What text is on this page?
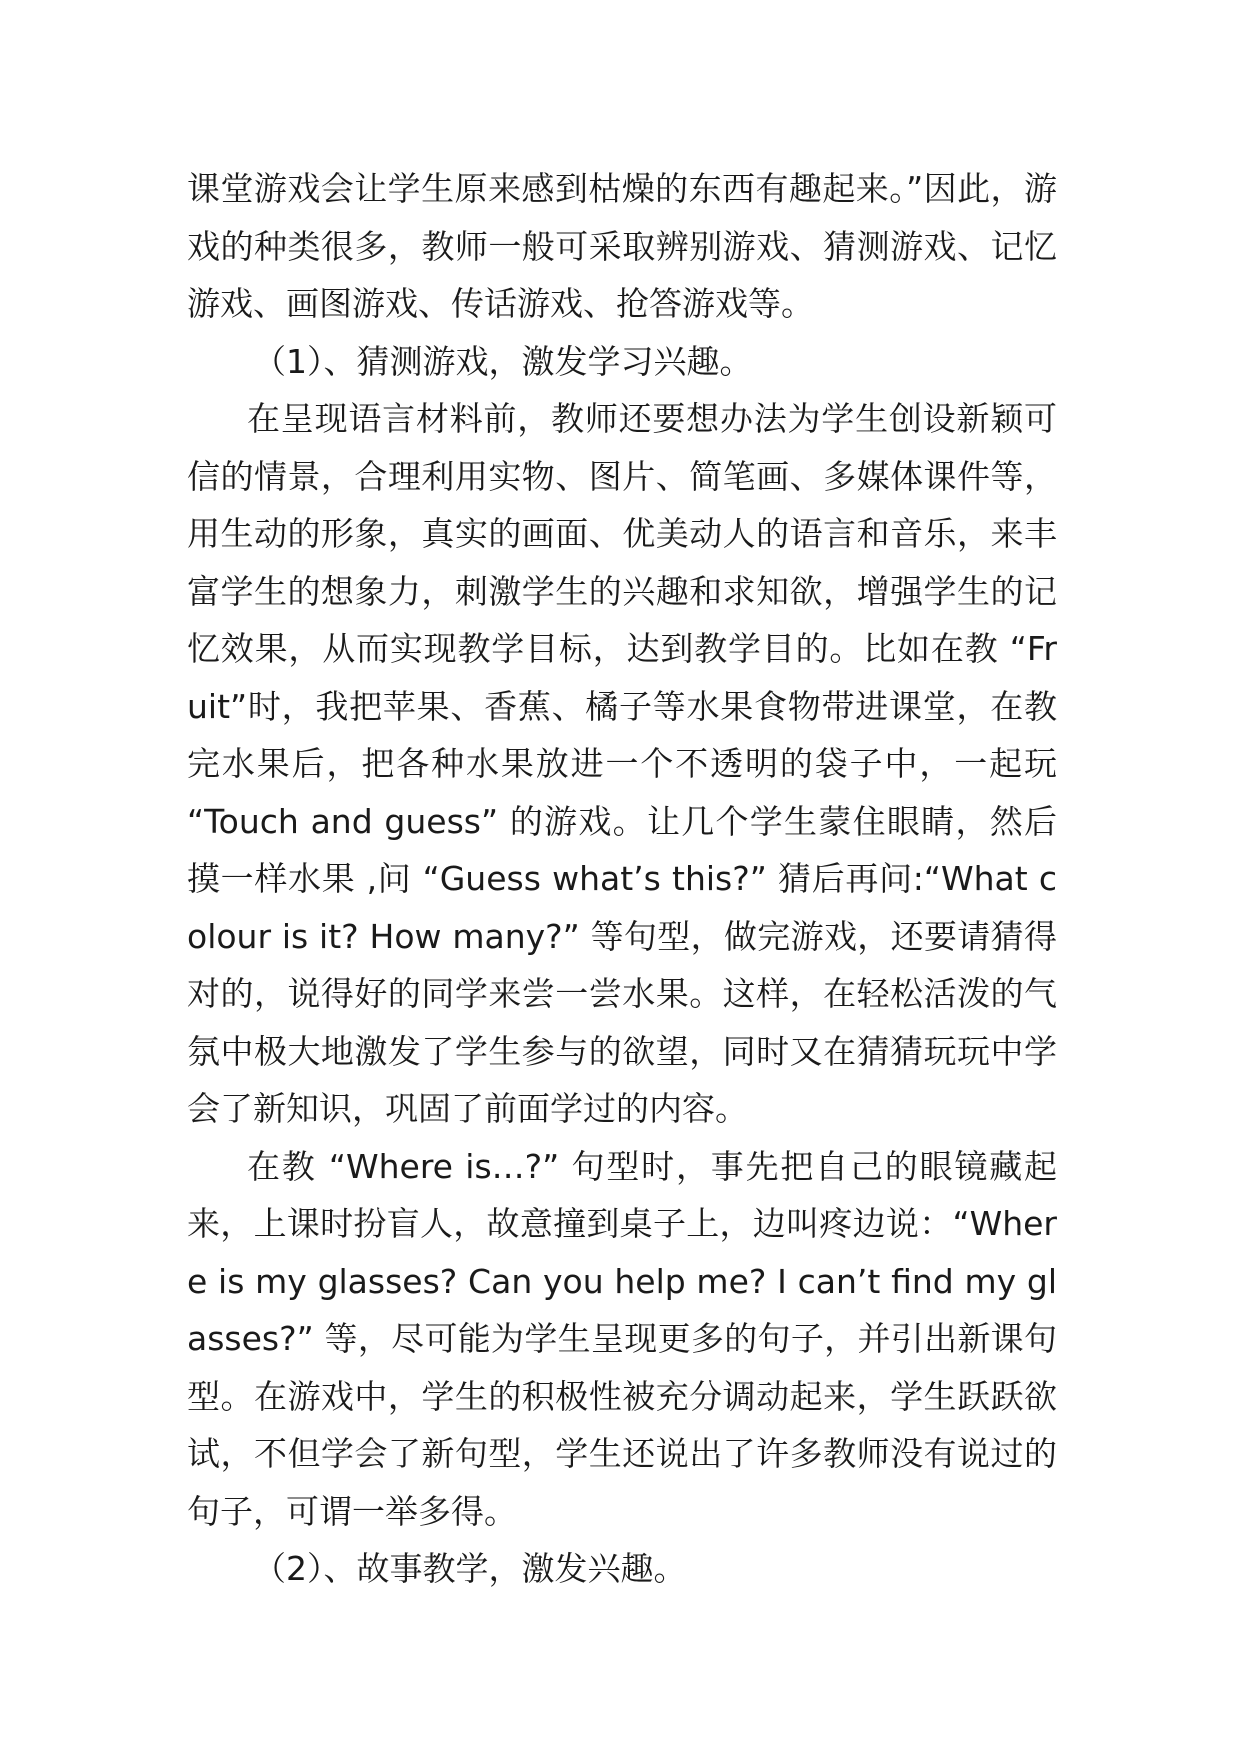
课堂游戏会让学生原来感到枯燥的东西有趣起来。”因此，游戏的种类很多，教师一般可采取辨别游戏、猜测游戏、记忆游戏、画图游戏、传话游戏、抢答游戏等。

（1）、猜测游戏，激发学习兴趣。

在呈现语言材料前，教师还要想办法为学生创设新颖可信的情景，合理利用实物、图片、简笔画、多媒体课件等，用生动的形象，真实的画面、优美动人的语言和音乐，来丰富学生的想象力，刺激学生的兴趣和求知欲，增强学生的记忆效果，从而实现教学目标，达到教学目的。比如在教 “Fruit”时，我把苹果、香蕉、橘子等水果食物带进课堂，在教完水果后，把各种水果放进一个不透明的袋子中，一起玩 “Touch and guess” 的游戏。让几个学生蒙住眼睛，然后摸一样水果 ,问 “Guess what’s this?” 猜后再问:“What colour is it? How many?” 等句型，做完游戏，还要请猜得对的，说得好的同学来尝一尝水果。这样，在轻松活泼的气氛中极大地激发了学生参与的欲望，同时又在猜猜玩玩中学会了新知识，巩固了前面学过的内容。

在教 “Where is…?” 句型时，事先把自己的眼镜藏起来，上课时扮盲人，故意撞到桌子上，边叫疼边说：“Where is my glasses? Can you help me? I can’t find my glasses?” 等，尽可能为学生呈现更多的句子，并引出新课句型。在游戏中，学生的积极性被充分调动起来，学生跃跃欲试，不但学会了新句型，学生还说出了许多教师没有说过的句子，可谓一举多得。

（2）、故事教学，激发兴趣。
